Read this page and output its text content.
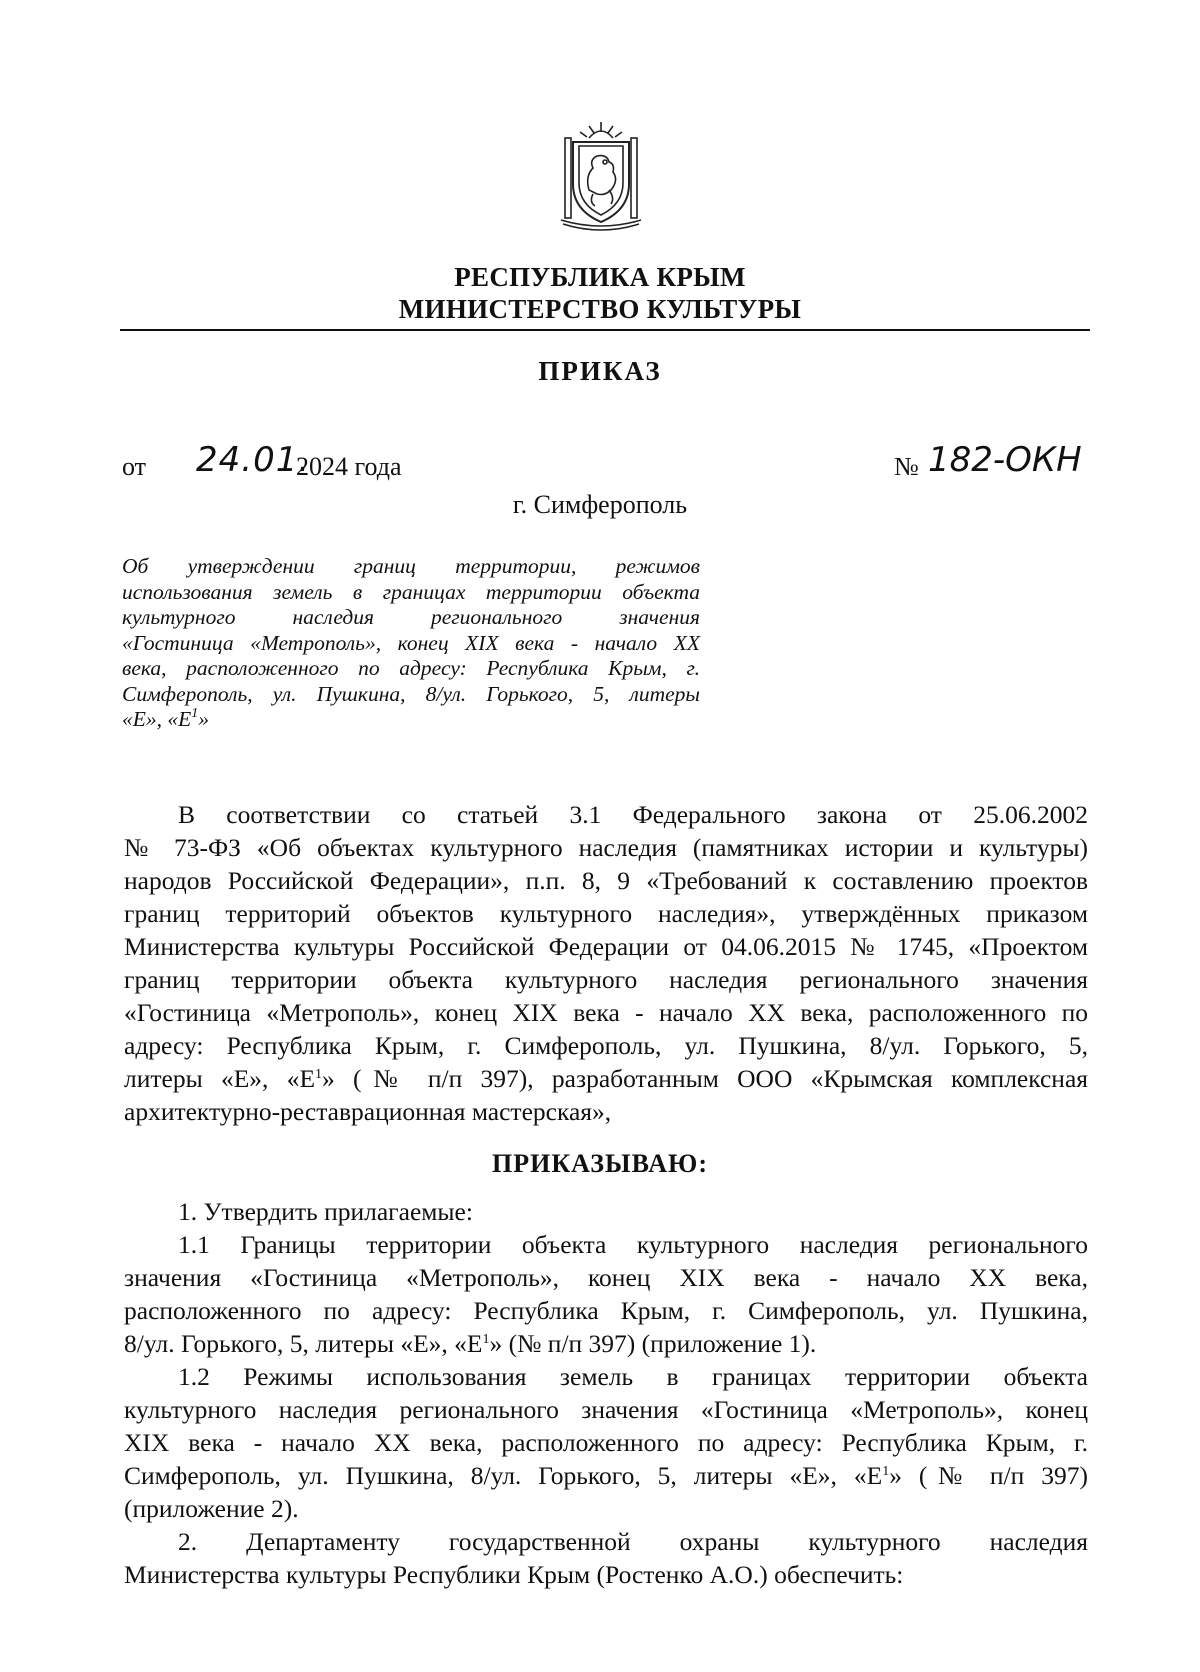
РЕСПУБЛИКА КРЫМ
МИНИСТЕРСТВО КУЛЬТУРЫ
ПРИКАЗ
от 24.01.
2024 года	№ 182-ОКН
г. Симферополь
Об утверждении границ территории, режимов
использования земель в границах территории объекта
культурного наследия регионального значения
«Гостиница «Метрополь», конец XIX века - начало XX
века, расположенного по адресу: Республика Крым, г.
Симферополь, ул. Пушкина, 8/ул. Горького, 5, литеры
«Е», «$Е^1$»
В соответствии со статьей 3.1 Федерального закона от 25.06.2002
№ 73-ФЗ «Об объектах культурного наследия (памятниках истории и культуры)
народов Российской Федерации», п.п. 8, 9 «Требований к составлению проектов
границ территорий объектов культурного наследия», утверждённых приказом
Министерства культуры Российской Федерации от 04.06.2015 № 1745, «Проектом
границ территории объекта культурного наследия регионального значения
«Гостиница «Метрополь», конец XIX века - начало XX века, расположенного по
адресу: Республика Крым, г. Симферополь, ул. Пушкина, 8/ул. Горького, 5,
литеры «Е», «$Е^1$» (№ п/п 397), разработанным ООО «Крымская комплексная
архитектурно-реставрационная мастерская»,
ПРИКАЗЫВАЮ:
1. Утвердить прилагаемые:
1.1 Границы территории объекта культурного наследия регионального
значения «Гостиница «Метрополь», конец XIX века - начало XX века,
расположенного по адресу: Республика Крым, г. Симферополь, ул. Пушкина,
8/ул. Горького, 5, литеры «Е», «$Е^1$» (№ п/п 397) (приложение 1).
1.2 Режимы использования земель в границах территории объекта
культурного наследия регионального значения «Гостиница «Метрополь», конец
XIX века - начало XX века, расположенного по адресу: Республика Крым, г.
Симферополь, ул. Пушкина, 8/ул. Горького, 5, литеры «Е», «$Е^1$» (№ п/п 397)
(приложение 2).
2. Департаменту государственной охраны культурного наследия
Министерства культуры Республики Крым (Ростенко А.О.) обеспечить:
